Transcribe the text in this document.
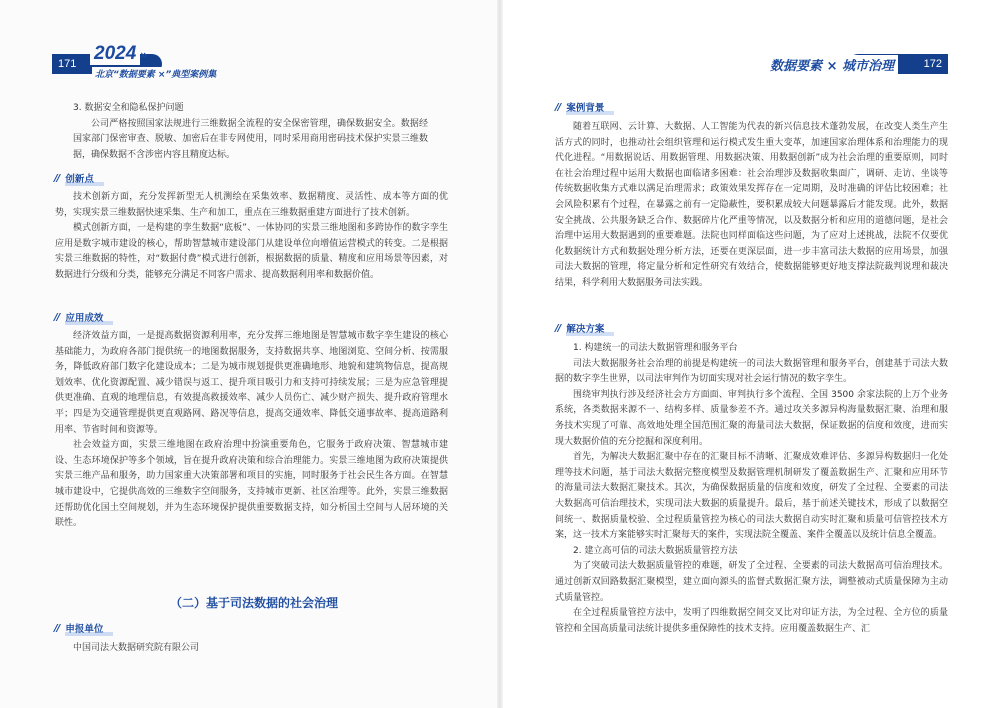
171 2024 »
北京“数据要素 ×”典型案例集

3. 数据安全和隐私保护问题

公司严格按照国家法规进行三维数据全流程的安全保密管理，确保数据安全。数据经国家部门保密审查、脱敏、加密后在非专网使用，同时采用商用密码技术保护实景三维数据，确保数据不含涉密内容且精度达标。

// 创新点

技术创新方面，充分发挥新型无人机测绘在采集效率、数据精度、灵活性、成本等方面的优势，实现实景三维数据快速采集、生产和加工，重点在三维数据重建方面进行了技术创新。

模式创新方面，一是构建的孪生数据“底板”、一体协同的实景三维地图和多跨协作的数字孪生应用是数字城市建设的核心，帮助智慧城市建设部门从建设单位向增值运营模式的转变。二是根据实景三维数据的特性，对“数据付费”模式进行创新，根据数据的质量、精度和应用场景等因素，对数据进行分级和分类，能够充分满足不同客户需求、提高数据利用率和数据价值。

// 应用成效

经济效益方面，一是提高数据资源利用率，充分发挥三维地图是智慧城市数字孪生建设的核心基础能力，为政府各部门提供统一的地图数据服务，支持数据共享、地图浏览、空间分析、按需服务，降低政府部门数字化建设成本；二是为城市规划提供更准确地形、地貌和建筑物信息，提高规划效率、优化资源配置、减少错误与返工、提升项目吸引力和支持可持续发展；三是为应急管理提供更准确、直观的地理信息，有效提高救援效率、减少人员伤亡、减少财产损失、提升政府管理水平；四是为交通管理提供更直观路网、路况等信息，提高交通效率、降低交通事故率、提高道路利用率、节省时间和资源等。

社会效益方面，实景三维地图在政府治理中扮演重要角色，它服务于政府决策、智慧城市建设、生态环境保护等多个领域，旨在提升政府决策和综合治理能力。实景三维地图为政府决策提供实景三维产品和服务，助力国家重大决策部署和项目的实施，同时服务于社会民生各方面。在智慧城市建设中，它提供高效的三维数字空间服务，支持城市更新、社区治理等。此外，实景三维数据还帮助优化国土空间规划，并为生态环境保护提供重要数据支持，如分析国土空间与人居环境的关联性。

（二）基于司法数据的社会治理
// 申报单位

中国司法大数据研究院有限公司

172
数据要素 × 城市治理
// 案例背景

随着互联网、云计算、大数据、人工智能为代表的新兴信息技术蓬勃发展，在改变人类生产生活方式的同时，也推动社会组织管理和运行模式发生重大变革，加速国家治理体系和治理能力的现代化进程。“用数据说话、用数据管理、用数据决策、用数据创新”成为社会治理的重要原则，同时在社会治理过程中运用大数据也面临诸多困难：社会治理涉及数据收集面广，调研、走访、坐谈等传统数据收集方式难以满足治理需求；政策效果发挥存在一定周期，及时准确的评估比较困难；社会风险积累有个过程，在暴露之前有一定隐蔽性，要积累成较大问题暴露后才能发现。此外，数据安全挑战、公共服务缺乏合作、数据碎片化严重等情况，以及数据分析和应用的道德问题，是社会治理中运用大数据遇到的重要难题。法院也同样面临这些问题，为了应对上述挑战，法院不仅要优化数据统计方式和数据处理分析方法，还要在更深层面，进一步丰富司法大数据的应用场景，加强司法大数据的管理，将定量分析和定性研究有效结合，使数据能够更好地支撑法院裁判说理和裁决结果，科学利用大数据服务司法实践。

// 解决方案

1. 构建统一的司法大数据管理和服务平台

司法大数据服务社会治理的前提是构建统一的司法大数据管理和服务平台，创建基于司法大数据的数字孪生世界，以司法审判作为切面实现对社会运行情况的数字孪生。

围绕审判执行涉及经济社会方方面面、审判执行多个流程、全国 3500 余家法院的上万个业务系统，各类数据来源不一、结构多样、质量参差不齐。通过攻关多源异构海量数据汇聚、治理和服务技术实现了可靠、高效地处理全国范围汇聚的海量司法大数据，保证数据的信度和效度，进而实现大数据价值的充分挖掘和深度利用。

首先，为解决大数据汇聚中存在的汇聚目标不清晰、汇聚成效难评估、多源异构数据归一化处理等技术问题，基于司法大数据完整度模型及数据管理机制研发了覆盖数据生产、汇聚和应用环节的海量司法大数据汇聚技术。其次，为确保数据质量的信度和效度，研发了全过程、全要素的司法大数据高可信治理技术，实现司法大数据的质量提升。最后，基于前述关键技术，形成了以数据空间统一、数据质量校验、全过程质量管控为核心的司法大数据自动实时汇聚和质量可信管控技术方案，这一技术方案能够实时汇聚每天的案件，实现法院全覆盖、案件全覆盖以及统计信息全覆盖。

2. 建立高可信的司法大数据质量管控方法

为了突破司法大数据质量管控的难题，研发了全过程、全要素的司法大数据高可信治理技术。通过创新双回路数据汇聚模型，建立面向源头的监督式数据汇聚方法，调整被动式质量保障为主动式质量管控。

在全过程质量管控方法中，发明了四维数据空间交叉比对印证方法，为全过程、全方位的质量管控和全国高质量司法统计提供多重保障性的技术支持。应用覆盖数据生产、汇
